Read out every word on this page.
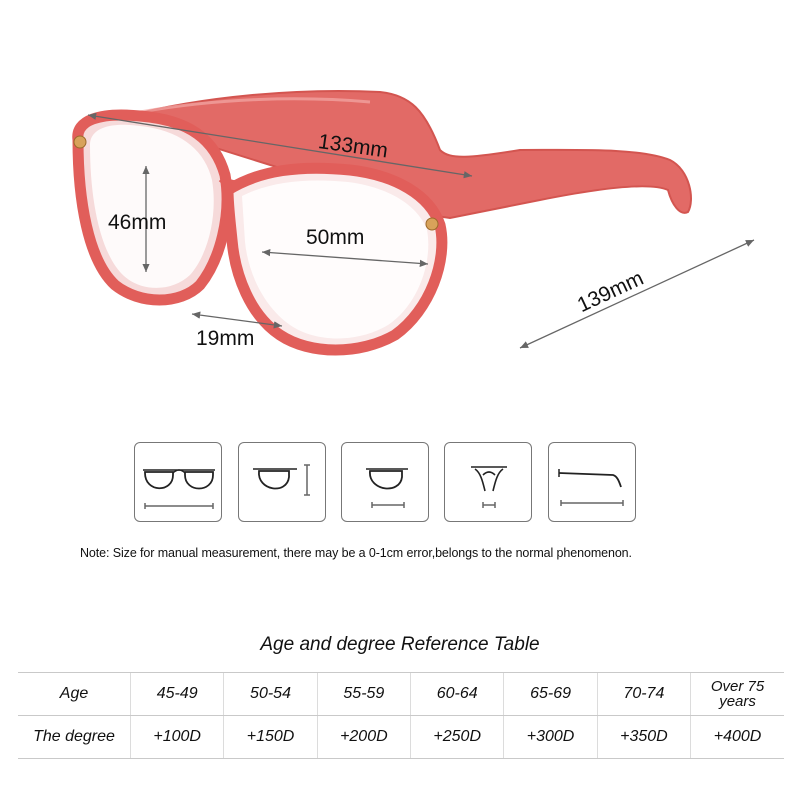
133mm
46mm
50mm
19mm
139mm
Note: Size for manual measurement, there may be a 0-1cm error,belongs to the normal phenomenon.
Age and degree Reference Table
Age	45-49	50-54	55-59	60-64	65-69	70-74	Over 75
years
The degree	+100D	+150D	+200D	+250D	+300D	+350D	+400D
